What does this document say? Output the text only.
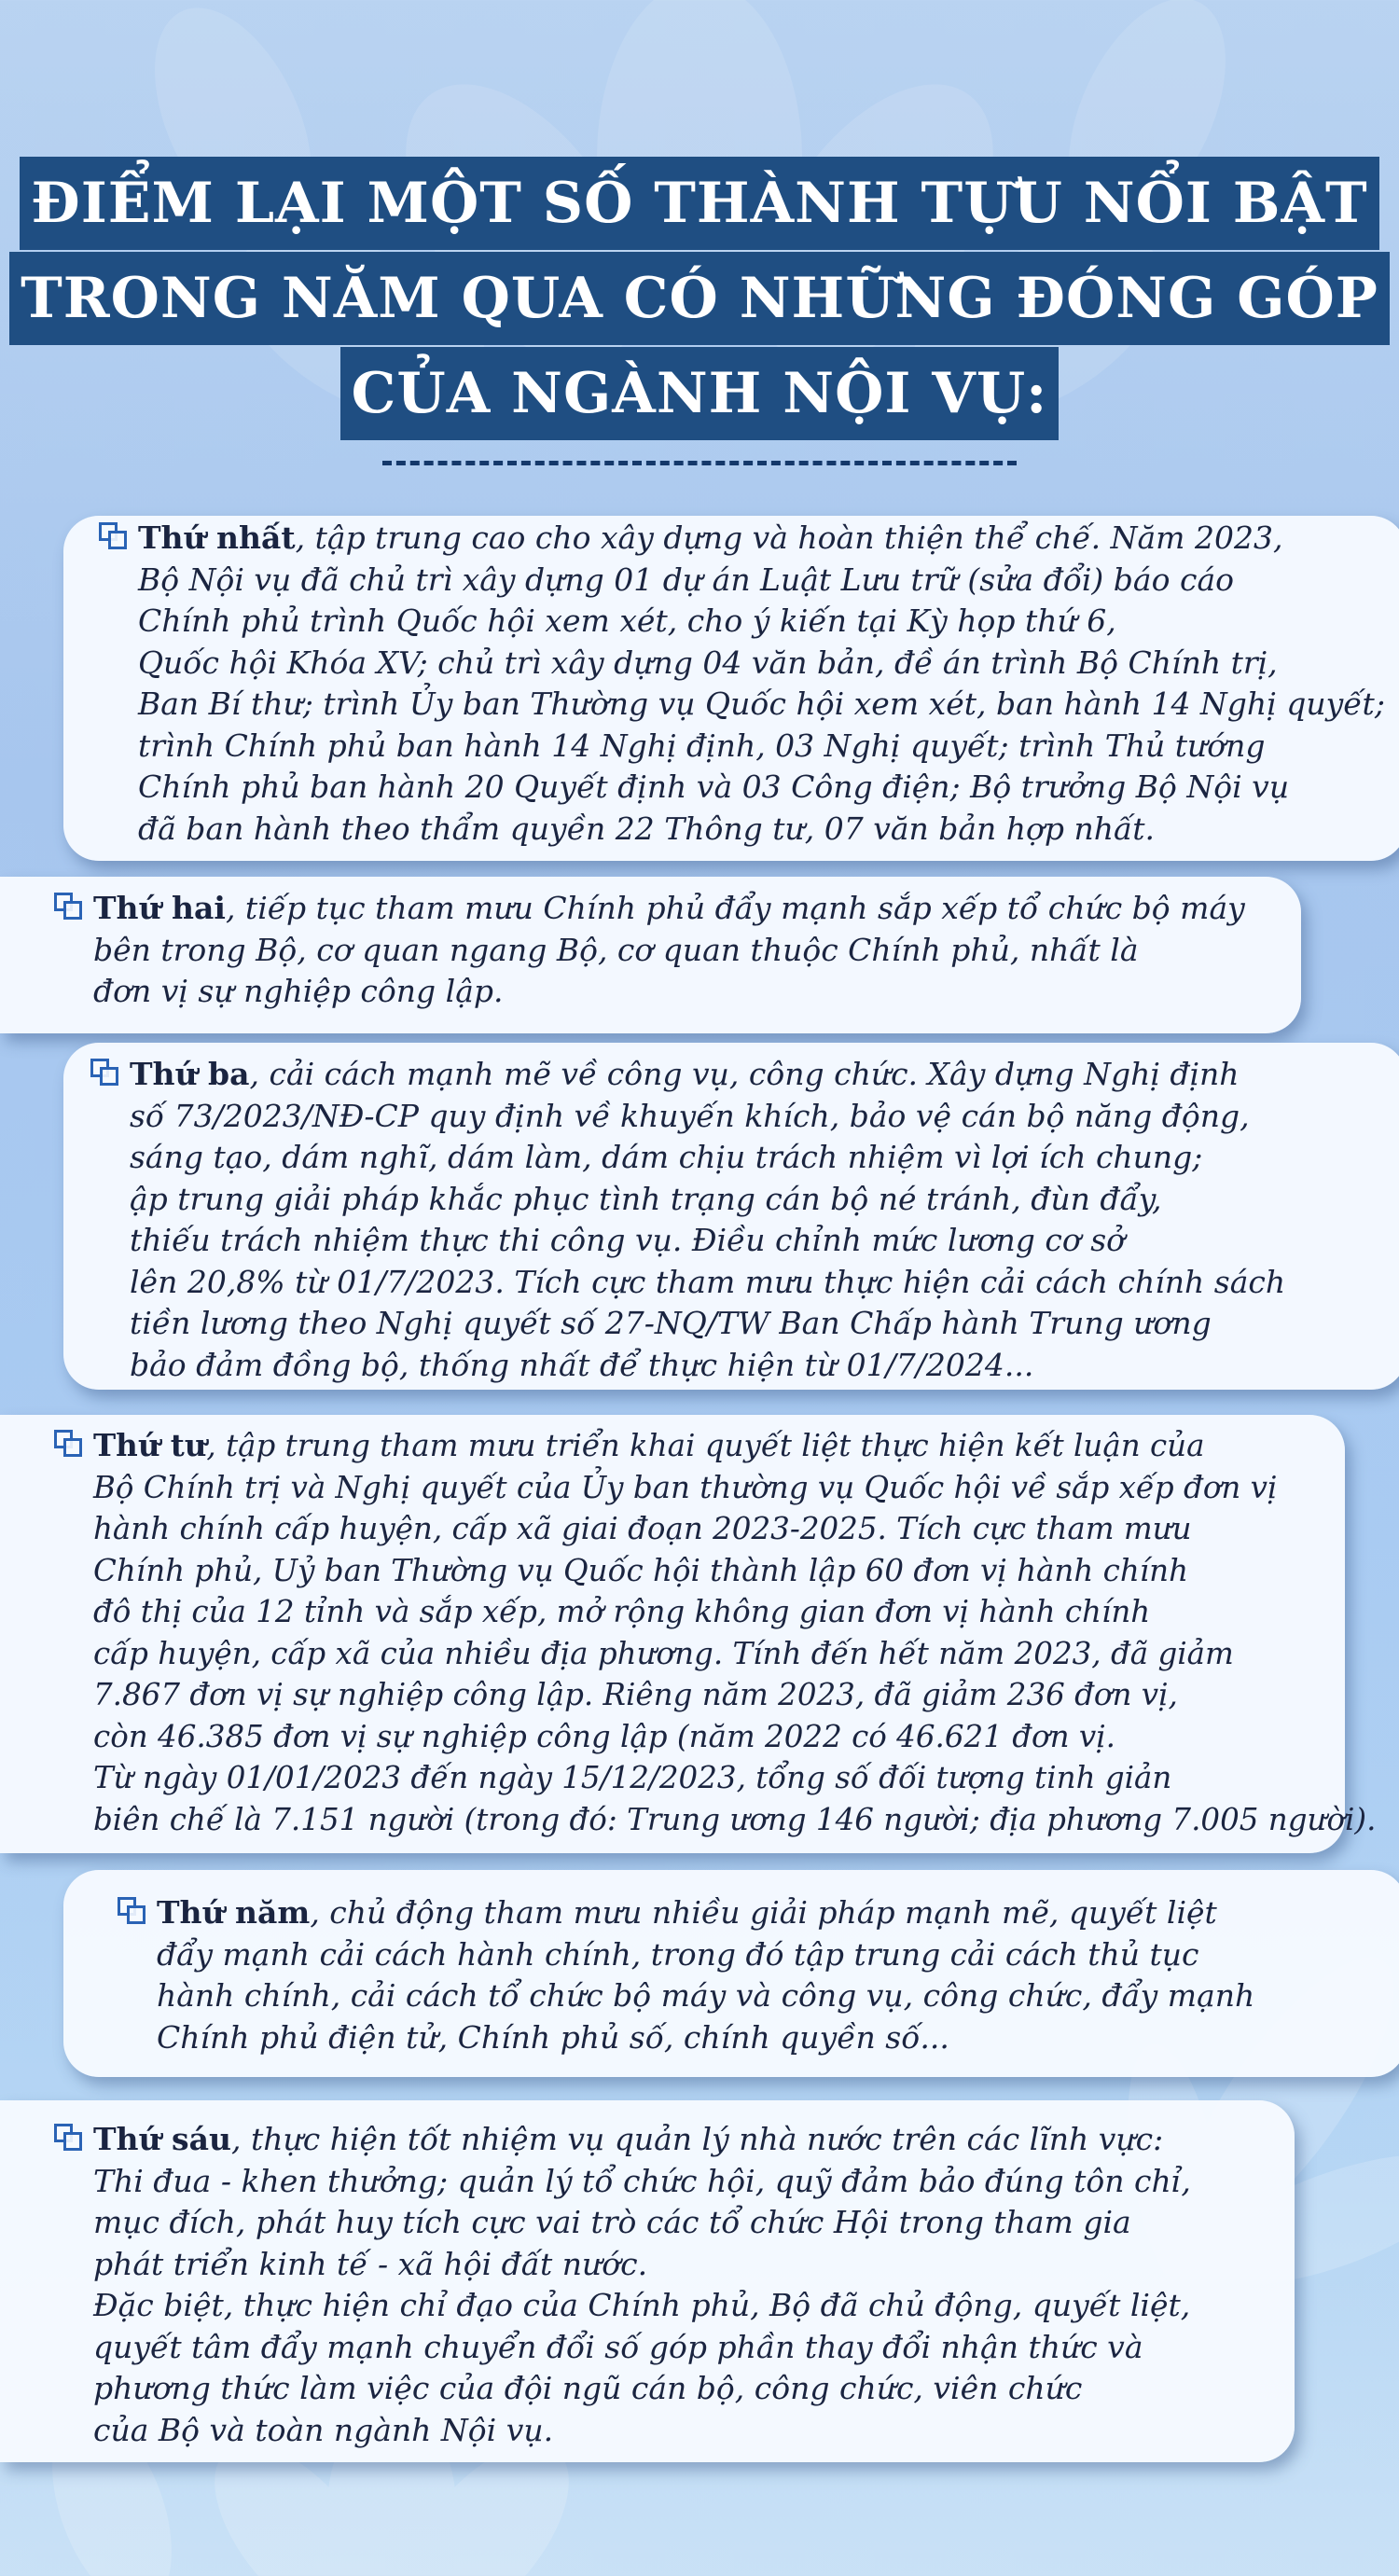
ĐIỂM LẠI MỘT SỐ THÀNH TỰU NỔI BẬT
TRONG NĂM QUA CÓ NHỮNG ĐÓNG GÓP
CỦA NGÀNH NỘI VỤ:

Thứ nhất, tập trung cao cho xây dựng và hoàn thiện thể chế. Năm 2023,
Bộ Nội vụ đã chủ trì xây dựng 01 dự án Luật Lưu trữ (sửa đổi) báo cáo
Chính phủ trình Quốc hội xem xét, cho ý kiến tại Kỳ họp thứ 6,
Quốc hội Khóa XV; chủ trì xây dựng 04 văn bản, đề án trình Bộ Chính trị,
Ban Bí thư; trình Ủy ban Thường vụ Quốc hội xem xét, ban hành 14 Nghị quyết;
trình Chính phủ ban hành 14 Nghị định, 03 Nghị quyết; trình Thủ tướng
Chính phủ ban hành 20 Quyết định và 03 Công điện; Bộ trưởng Bộ Nội vụ
đã ban hành theo thẩm quyền 22 Thông tư, 07 văn bản hợp nhất.

Thứ hai, tiếp tục tham mưu Chính phủ đẩy mạnh sắp xếp tổ chức bộ máy
bên trong Bộ, cơ quan ngang Bộ, cơ quan thuộc Chính phủ, nhất là
đơn vị sự nghiệp công lập.

Thứ ba, cải cách mạnh mẽ về công vụ, công chức. Xây dựng Nghị định
số 73/2023/NĐ-CP quy định về khuyến khích, bảo vệ cán bộ năng động,
sáng tạo, dám nghĩ, dám làm, dám chịu trách nhiệm vì lợi ích chung;
ập trung giải pháp khắc phục tình trạng cán bộ né tránh, đùn đẩy,
thiếu trách nhiệm thực thi công vụ. Điều chỉnh mức lương cơ sở
lên 20,8% từ 01/7/2023. Tích cực tham mưu thực hiện cải cách chính sách
tiền lương theo Nghị quyết số 27-NQ/TW Ban Chấp hành Trung ương
bảo đảm đồng bộ, thống nhất để thực hiện từ 01/7/2024...

Thứ tư, tập trung tham mưu triển khai quyết liệt thực hiện kết luận của
Bộ Chính trị và Nghị quyết của Ủy ban thường vụ Quốc hội về sắp xếp đơn vị
hành chính cấp huyện, cấp xã giai đoạn 2023-2025. Tích cực tham mưu
Chính phủ, Uỷ ban Thường vụ Quốc hội thành lập 60 đơn vị hành chính
đô thị của 12 tỉnh và sắp xếp, mở rộng không gian đơn vị hành chính
cấp huyện, cấp xã của nhiều địa phương. Tính đến hết năm 2023, đã giảm
7.867 đơn vị sự nghiệp công lập. Riêng năm 2023, đã giảm 236 đơn vị,
còn 46.385 đơn vị sự nghiệp công lập (năm 2022 có 46.621 đơn vị.
Từ ngày 01/01/2023 đến ngày 15/12/2023, tổng số đối tượng tinh giản
biên chế là 7.151 người (trong đó: Trung ương 146 người; địa phương 7.005 người).

Thứ năm, chủ động tham mưu nhiều giải pháp mạnh mẽ, quyết liệt
đẩy mạnh cải cách hành chính, trong đó tập trung cải cách thủ tục
hành chính, cải cách tổ chức bộ máy và công vụ, công chức, đẩy mạnh
Chính phủ điện tử, Chính phủ số, chính quyền số...

Thứ sáu, thực hiện tốt nhiệm vụ quản lý nhà nước trên các lĩnh vực:
Thi đua - khen thưởng; quản lý tổ chức hội, quỹ đảm bảo đúng tôn chỉ,
mục đích, phát huy tích cực vai trò các tổ chức Hội trong tham gia
phát triển kinh tế - xã hội đất nước.
Đặc biệt, thực hiện chỉ đạo của Chính phủ, Bộ đã chủ động, quyết liệt,
quyết tâm đẩy mạnh chuyển đổi số góp phần thay đổi nhận thức và
phương thức làm việc của đội ngũ cán bộ, công chức, viên chức
của Bộ và toàn ngành Nội vụ.
